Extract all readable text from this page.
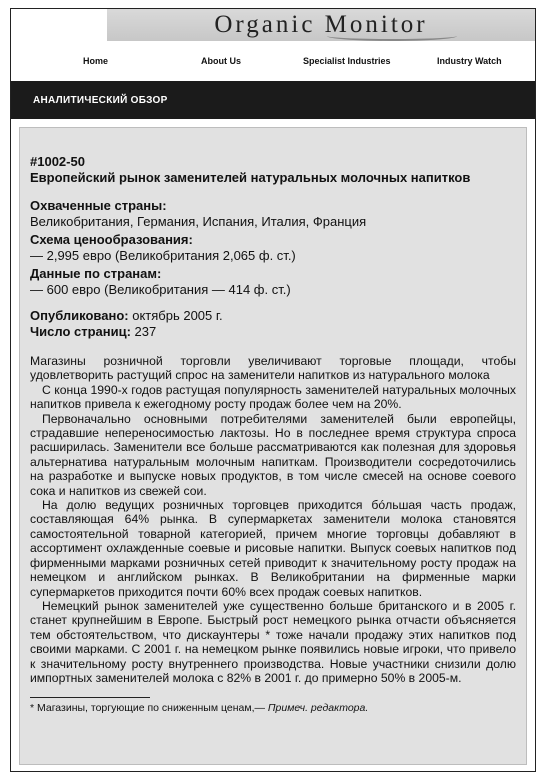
Organic Monitor
Home	About Us	Specialist Industries	Industry Watch
АНАЛИТИЧЕСКИЙ ОБЗОР
#1002-50
Европейский рынок заменителей натуральных молочных напитков
Охваченные страны:
Великобритания, Германия, Испания, Италия, Франция
Схема ценообразования:
— 2,995 евро (Великобритания 2,065 ф. ст.)
Данные по странам:
— 600 евро (Великобритания — 414 ф. ст.)
Опубликовано: октябрь 2005 г.
Число страниц: 237

Магазины розничной торговли увеличивают торговые площади, чтобы удовлетворить растущий спрос на заменители напитков из натурального молока

С конца 1990-х годов растущая популярность заменителей натуральных молочных напитков привела к ежегодному росту продаж более чем на 20%.

Первоначально основными потребителями заменителей были европейцы, страдавшие непереносимостью лактозы. Но в последнее время структура спроса расширилась. Заменители все больше рассматриваются как полезная для здоровья альтернатива натуральным молочным напиткам. Производители сосредоточились на разработке и выпуске новых продуктов, в том числе смесей на основе соевого сока и напитков из свежей сои.

На долю ведущих розничных торговцев приходится бóльшая часть продаж, составляющая 64% рынка. В супермаркетах заменители молока становятся самостоятельной товарной категорией, причем многие торговцы добавляют в ассортимент охлажденные соевые и рисовые напитки. Выпуск соевых напитков под фирменными марками розничных сетей приводит к значительному росту продаж на немецком и английском рынках. В Великобритании на фирменные марки супермаркетов приходится почти 60% всех продаж соевых напитков.

Немецкий рынок заменителей уже существенно больше британского и в 2005 г. станет крупнейшим в Европе. Быстрый рост немецкого рынка отчасти объясняется тем обстоятельством, что дискаунтеры * тоже начали продажу этих напитков под своими марками. С 2001 г. на немецком рынке появились новые игроки, что привело к значительному росту внутреннего производства. Новые участники снизили долю импортных заменителей молока с 82% в 2001 г. до примерно 50% в 2005-м.

* Магазины, торгующие по сниженным ценам,— Примеч. редактора.
